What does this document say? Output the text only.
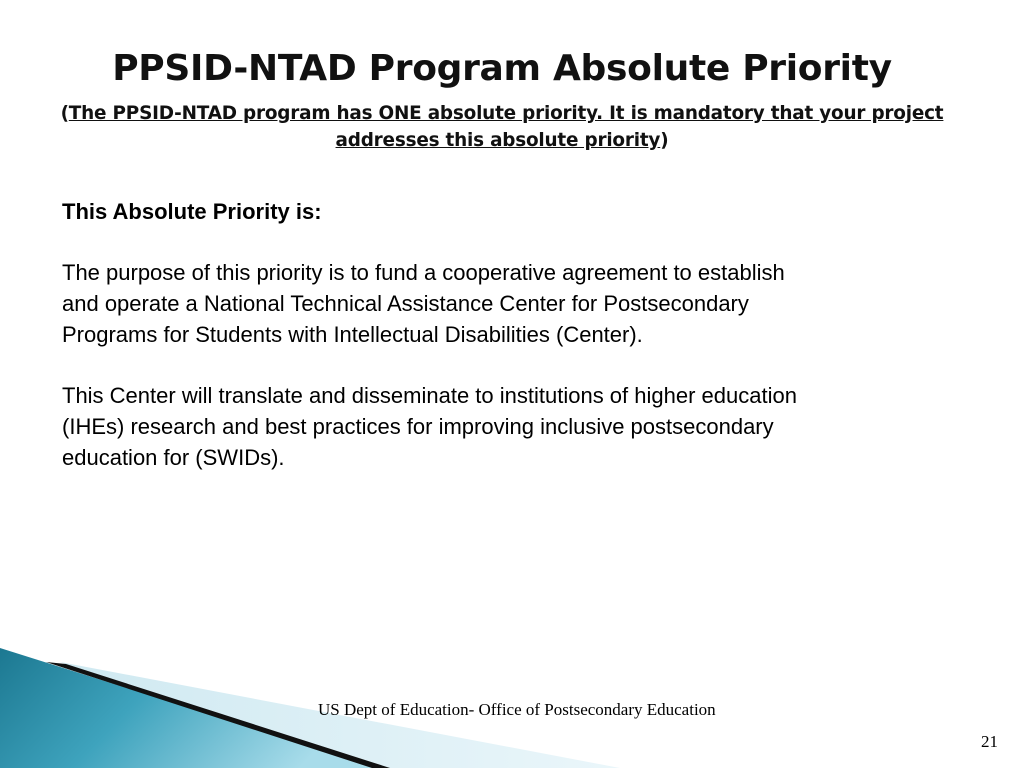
PPSID-NTAD Program Absolute Priority
(The PPSID-NTAD program has ONE absolute priority. It is mandatory that your project addresses this absolute priority)

This Absolute Priority is:

The purpose of this priority is to fund a cooperative agreement to establish and operate a National Technical Assistance Center for Postsecondary Programs for Students with Intellectual Disabilities (Center).

This Center will translate and disseminate to institutions of higher education (IHEs) research and best practices for improving inclusive postsecondary education for (SWIDs).

US Dept of Education- Office of Postsecondary Education
21
